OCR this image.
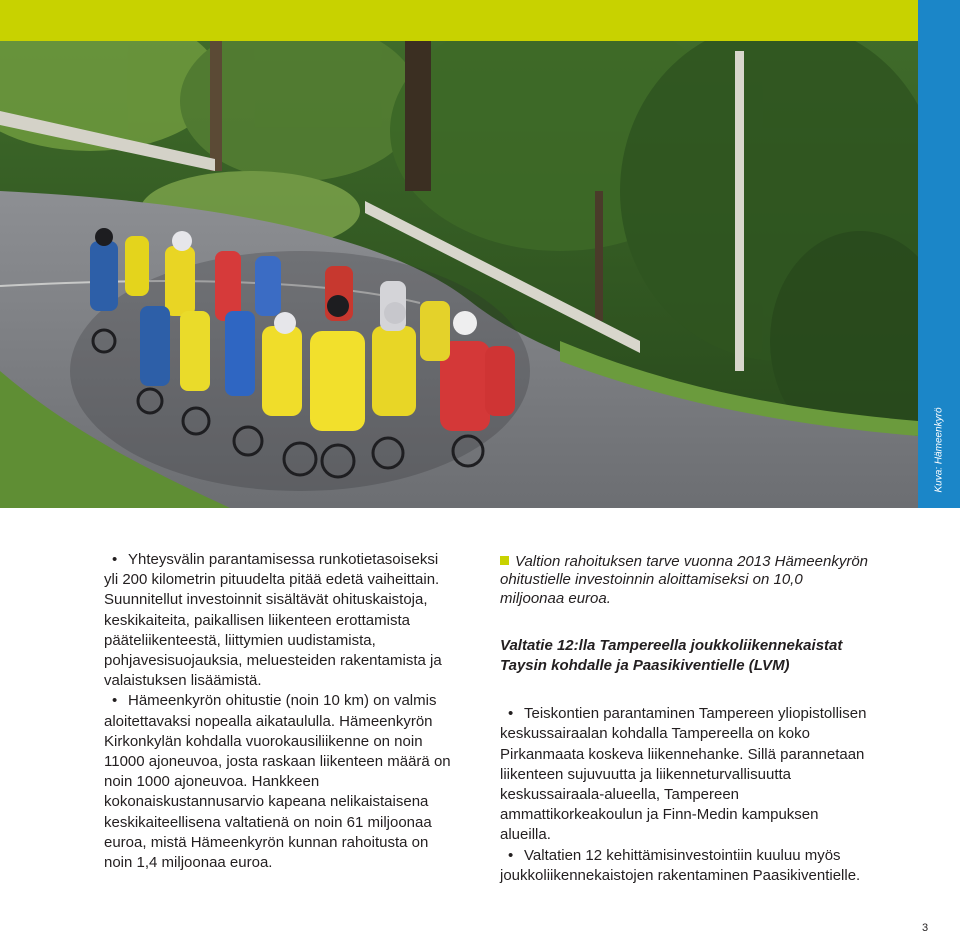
Kuva: Hämeenkyrö

• Yhteysvälin parantamisessa runkotietasoiseksi yli 200 kilometrin pituudelta pitää edetä vaiheittain. Suunnitellut investoinnit sisältävät ohituskaistoja, keskikaiteita, paikallisen liikenteen erottamista pääteliikenteestä, liittymien uudistamista, pohjavesisuojauksia, meluesteiden rakentamista ja valaistuksen lisäämistä.

• Hämeenkyrön ohitustie (noin 10 km) on valmis aloitettavaksi nopealla aikataululla. Hämeenkyrön Kirkonkylän kohdalla vuorokausiliikenne on noin 11000 ajoneuvoa, josta raskaan liikenteen määrä on noin 1000 ajoneuvoa. Hankkeen kokonaiskustannusarvio kapeana nelikaistaisena keskikaiteellisena valtatienä on noin 61 miljoonaa euroa, mistä Hämeenkyrön kunnan rahoitusta on noin 1,4 miljoonaa euroa.

Valtion rahoituksen tarve vuonna 2013 Hämeenkyrön ohitustielle investoinnin aloittamiseksi on 10,0 miljoonaa euroa.

Valtatie 12:lla Tampereella joukkoliikennekaistat Taysin kohdalle ja Paasikiventielle (LVM)

• Teiskontien parantaminen Tampereen yliopistollisen keskussairaalan kohdalla Tampereella on koko Pirkanmaata koskeva liikennehanke. Sillä parannetaan liikenteen sujuvuutta ja liikenneturvallisuutta keskussairaala-alueella, Tampereen ammattikorkeakoulun ja Finn-Medin kampuksen alueilla.

• Valtatien 12 kehittämisinvestointiin kuuluu myös joukkoliikennekaistojen rakentaminen Paasikiventielle.

3
